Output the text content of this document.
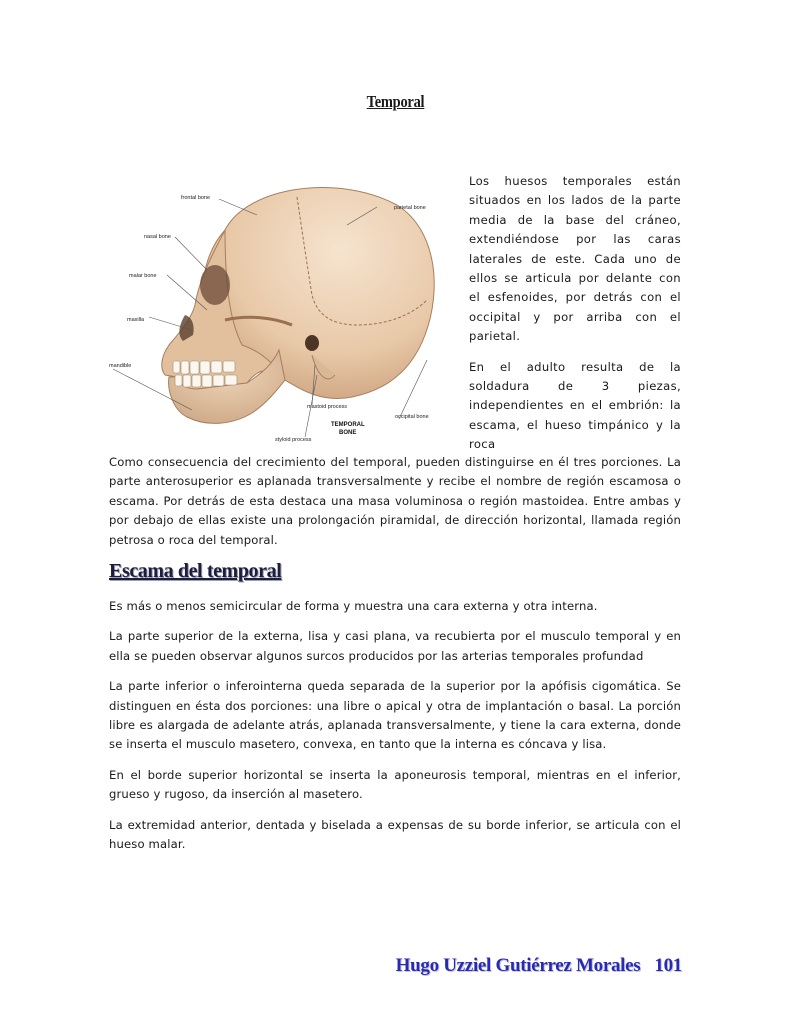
Temporal
frontal bone
parietal bone
nasal bone
malar bone
maxilla
mandible
mastoid process
occipital bone
TEMPORAL
BONE
styloid process

Los huesos temporales están situados en los lados de la parte media de la base del cráneo, extendiéndose por las caras laterales de este. Cada uno de ellos se articula por delante con el esfenoides, por detrás con el occipital y por arriba con el parietal.

En el adulto resulta de la soldadura de 3 piezas, independientes en el embrión: la escama, el hueso timpánico y la roca

Como consecuencia del crecimiento del temporal, pueden distinguirse en él tres porciones. La parte anterosuperior es aplanada transversalmente y recibe el nombre de región escamosa o escama. Por detrás de esta destaca una masa voluminosa o región mastoidea. Entre ambas y por debajo de ellas existe una prolongación piramidal, de dirección horizontal, llamada región petrosa o roca del temporal.

Escama del temporal

Es más o menos semicircular de forma y muestra una cara externa y otra interna.

La parte superior de la externa, lisa y casi plana, va recubierta por el musculo temporal y en ella se pueden observar algunos surcos producidos por las arterias temporales profundad

La parte inferior o inferointerna queda separada de la superior por la apófisis cigomática. Se distinguen en ésta dos porciones: una libre o apical y otra de implantación o basal. La porción libre es alargada de adelante atrás, aplanada transversalmente, y tiene la cara externa, donde se inserta el musculo masetero, convexa, en tanto que la interna es cóncava y lisa.

En el borde superior horizontal se inserta la aponeurosis temporal, mientras en el inferior, grueso y rugoso, da inserción al masetero.

La extremidad anterior, dentada y biselada a expensas de su borde inferior, se articula con el hueso malar.

Hugo Uzziel Gutiérrez Morales 101
